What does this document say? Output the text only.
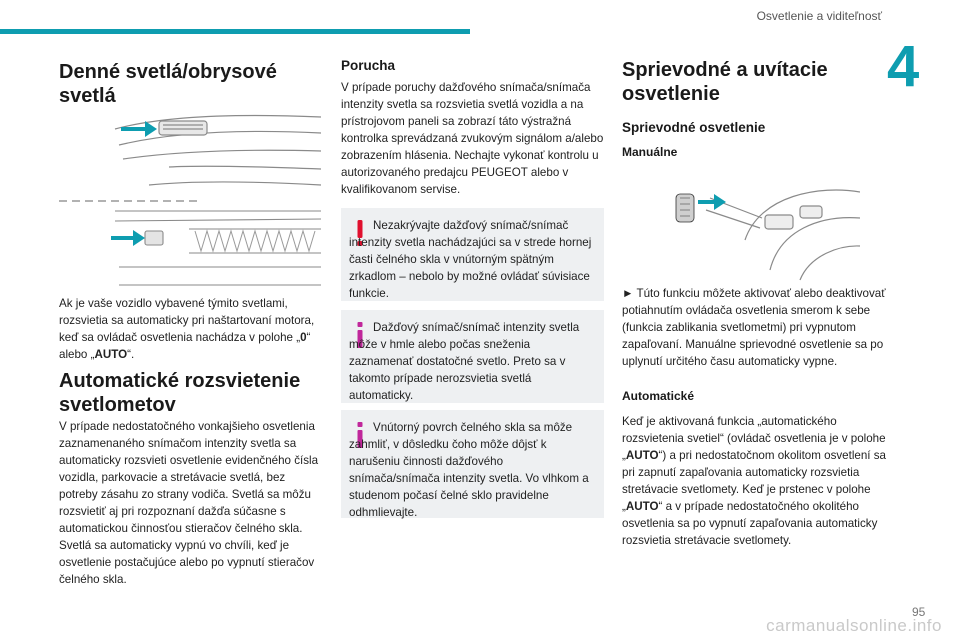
Osvetlenie a viditeľnosť
4
Denné svetlá/obrysové svetlá

Ak je vaše vozidlo vybavené týmito svetlami, rozsvietia sa automaticky pri naštartovaní motora, keď sa ovládač osvetlenia nachádza v polohe „0“ alebo „AUTO“.

Automatické rozsvietenie svetlometov

V prípade nedostatočného vonkajšieho osvetlenia zaznamenaného snímačom intenzity svetla sa automaticky rozsvieti osvetlenie evidenčného čísla vozidla, parkovacie a stretávacie svetlá, bez potreby zásahu zo strany vodiča. Svetlá sa môžu rozsvietiť aj pri rozpoznaní dažďa súčasne s automatickou činnosťou stieračov čelného skla. Svetlá sa automaticky vypnú vo chvíli, keď je osvetlenie postačujúce alebo po vypnutí stieračov čelného skla.

Porucha

V prípade poruchy dažďového snímača/snímača intenzity svetla sa rozsvietia svetlá vozidla a na prístrojovom paneli sa zobrazí táto výstražná kontrolka sprevádzaná zvukovým signálom a/alebo zobrazením hlásenia. Nechajte vykonať kontrolu u autorizovaného predajcu PEUGEOT alebo v kvalifikovanom servise.

Nezakrývajte dažďový snímač/snímač intenzity svetla nachádzajúci sa v strede hornej časti čelného skla v vnútorným spätným zrkadlom – nebolo by možné ovládať súvisiace funkcie.
Dažďový snímač/snímač intenzity svetla môže v hmle alebo počas sneženia zaznamenať dostatočné svetlo. Preto sa v takomto prípade nerozsvietia svetlá automaticky.
Vnútorný povrch čelného skla sa môže zahmliť, v dôsledku čoho môže dôjsť k narušeniu činnosti dažďového snímača/snímača intenzity svetla. Vo vlhkom a studenom počasí čelné sklo pravidelne odhmlievajte.
Sprievodné a uvítacie osvetlenie
Sprievodné osvetlenie
Manuálne

► Túto funkciu môžete aktivovať alebo deaktivovať potiahnutím ovládača osvetlenia smerom k sebe (funkcia zablikania svetlometmi) pri vypnutom zapaľovaní. Manuálne sprievodné osvetlenie sa po uplynutí určitého času automaticky vypne.

Automatické

Keď je aktivovaná funkcia „automatického rozsvietenia svetiel“ (ovládač osvetlenia je v polohe „AUTO“) a pri nedostatočnom okolitom osvetlení sa pri zapnutí zapaľovania automaticky rozsvietia stretávacie svetlomety. Keď je prstenec v polohe „AUTO“ a v prípade nedostatočného okolitého osvetlenia sa po vypnutí zapaľovania automaticky rozsvietia stretávacie svetlomety.

95
carmanualsonline.info
